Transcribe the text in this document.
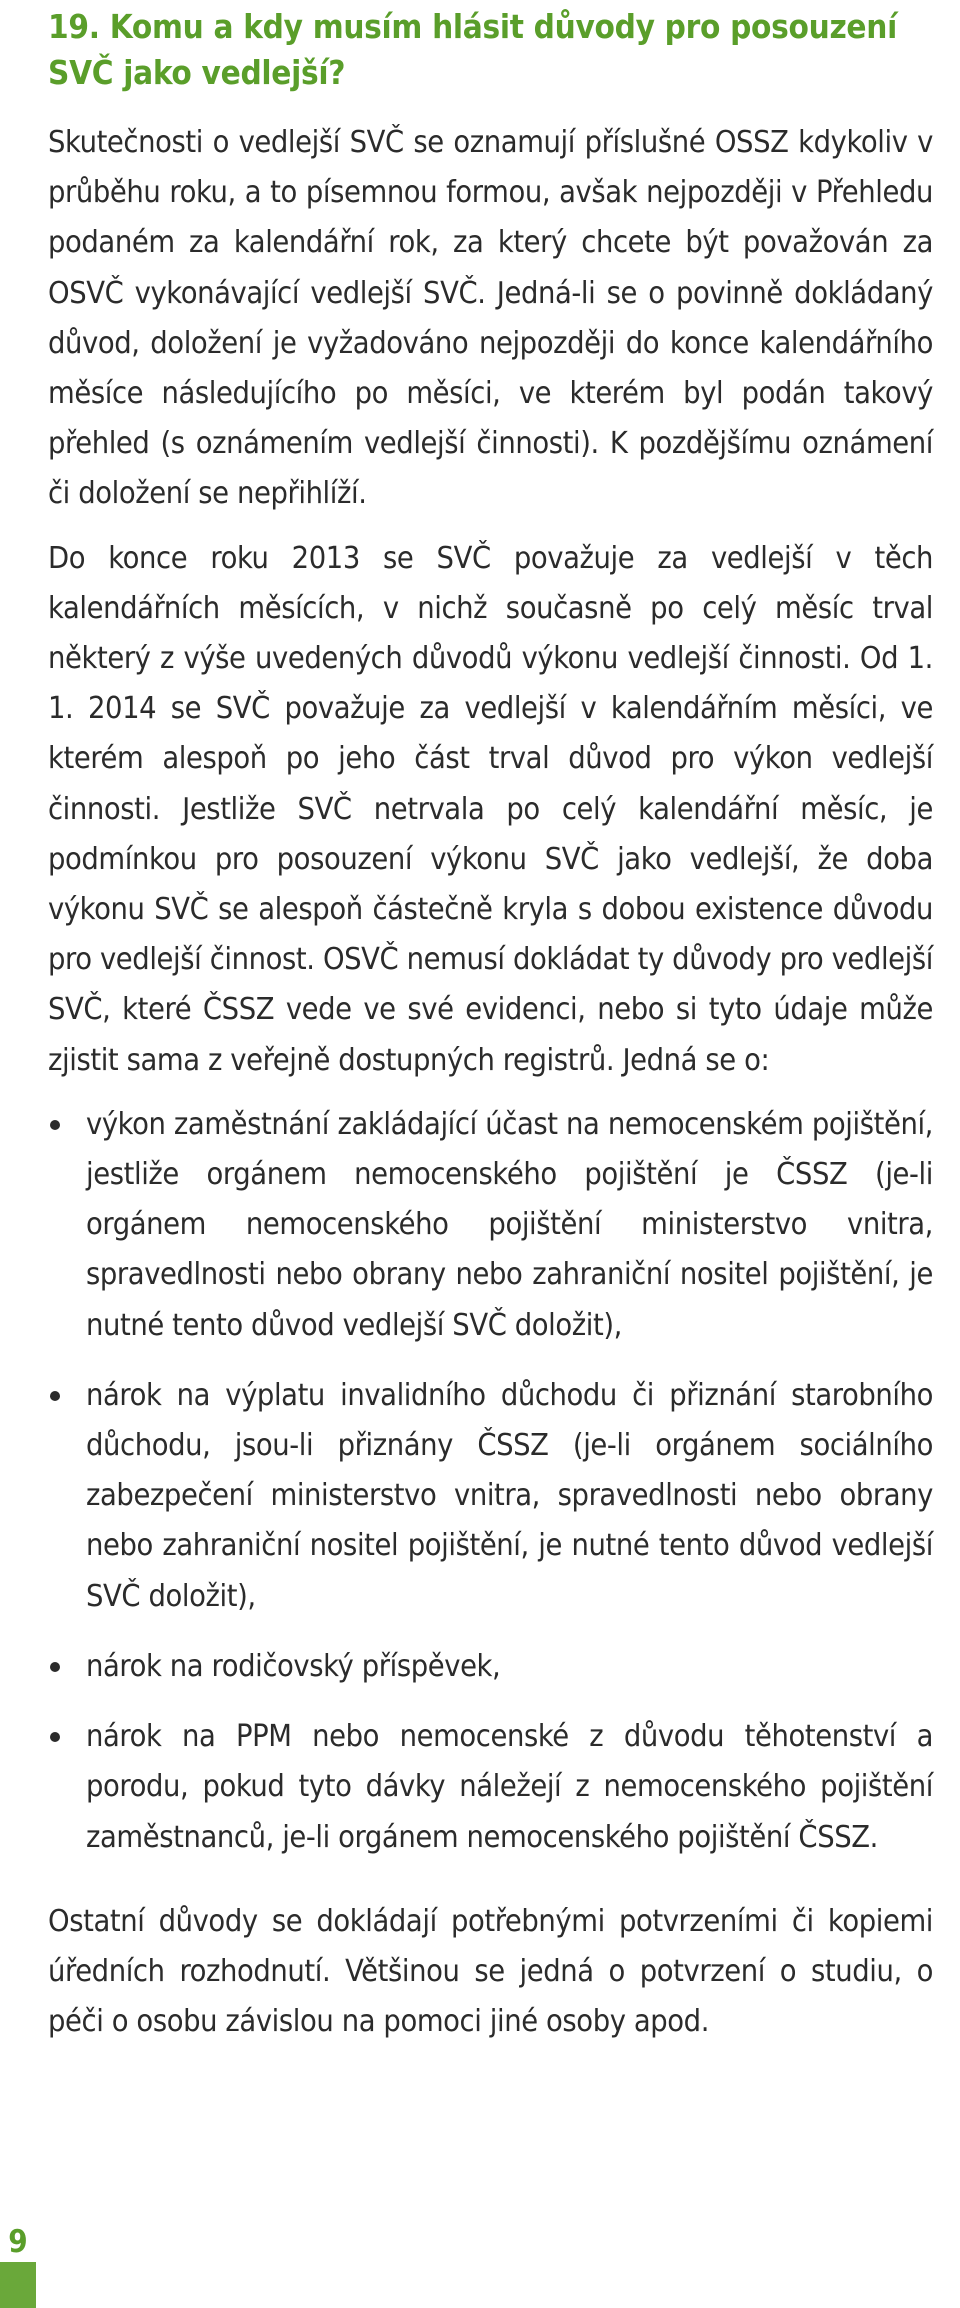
19. Komu a kdy musím hlásit důvody pro posouzení SVČ jako vedlejší?

Skutečnosti o vedlejší SVČ se oznamují příslušné OSSZ kdykoliv v průběhu roku, a to písemnou formou, avšak nejpozději v Přehledu podaném za kalendářní rok, za který chcete být považován za OSVČ vykonávající vedlejší SVČ. Jedná-li se o povinně dokládaný důvod, doložení je vyžadováno nejpozději do konce kalendářního měsíce následujícího po měsíci, ve kterém byl podán takový přehled (s oznámením vedlejší činnosti). K pozdějšímu oznámení či doložení se nepřihlíží.

Do konce roku 2013 se SVČ považuje za vedlejší v těch kalendářních měsících, v nichž současně po celý měsíc trval některý z výše uvedených důvodů výkonu vedlejší činnosti. Od 1. 1. 2014 se SVČ považuje za vedlejší v kalendářním měsíci, ve kterém alespoň po jeho část trval důvod pro výkon vedlejší činnosti. Jestliže SVČ netrvala po celý kalendářní měsíc, je podmínkou pro posouzení výkonu SVČ jako vedlejší, že doba výkonu SVČ se alespoň částečně kryla s dobou existence důvodu pro vedlejší činnost. OSVČ nemusí dokládat ty důvody pro vedlejší SVČ, které ČSSZ vede ve své evidenci, nebo si tyto údaje může zjistit sama z veřejně dostupných registrů. Jedná se o:

výkon zaměstnání zakládající účast na nemocenském pojištění, jestliže orgánem nemocenského pojištění je ČSSZ (je-li orgánem nemocenského pojištění ministerstvo vnitra, spravedlnosti nebo obrany nebo zahraniční nositel pojištění, je nutné tento důvod vedlejší SVČ doložit),
nárok na výplatu invalidního důchodu či přiznání starobního důchodu, jsou-li přiznány ČSSZ (je-li orgánem sociálního zabezpečení ministerstvo vnitra, spravedlnosti nebo obrany nebo zahraniční nositel pojištění, je nutné tento důvod vedlejší SVČ doložit),
nárok na rodičovský příspěvek,
nárok na PPM nebo nemocenské z důvodu těhotenství a porodu, pokud tyto dávky náležejí z nemocenského pojištění zaměstnanců, je-li orgánem nemocenského pojištění ČSSZ.

Ostatní důvody se dokládají potřebnými potvrzeními či kopiemi úředních rozhodnutí. Většinou se jedná o potvrzení o studiu, o péči o osobu závislou na pomoci jiné osoby apod.

9
